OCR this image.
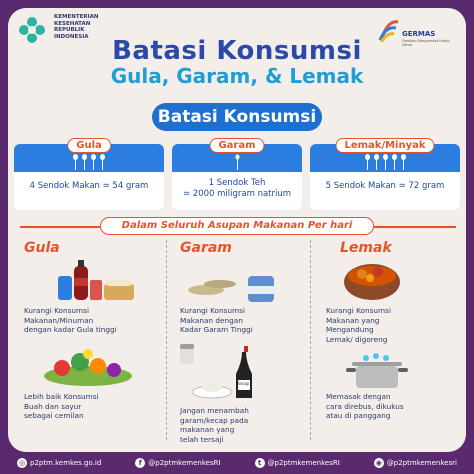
KEMENTERIAN
KESEHATAN
REPUBLIK
INDONESIA	GERMAS
Gerakan Masyarakat Hidup Sehat
Batasi Konsumsi
Gula, Garam, & Lemak
Batasi Konsumsi
4 Sendok Makan = 54 gram
Gula
1 Sendok Teh
= 2000 miligram natrium
Garam
5 Sendok Makan = 72 gram
Lemak/Minyak
Dalam Seluruh Asupan Makanan Per hari
Gula
Kurangi Konsumsi
Makanan/Minuman
dengan kadar Gula tinggi
Lebih baik Konsumsi
Buah dan sayur
sebagai cemilan
Garam
Kurangi Konsumsi
Makanan dengan
Kadar Garam Tinggi
Kecap
Jangan menambah
garam/kecap pada
makanan yang
telah tersaji
Lemak
Kurangi Konsumsi
Makanan yang
Mengandung
Lemak/ digoreng
Memasak dengan
cara direbus, dikukus
atau di panggang
◎ p2ptm.kemkes.go.id	f @p2ptmkemenkesRI	t @p2ptmkemenkesRI	◉ @p2ptmkemenkesri
